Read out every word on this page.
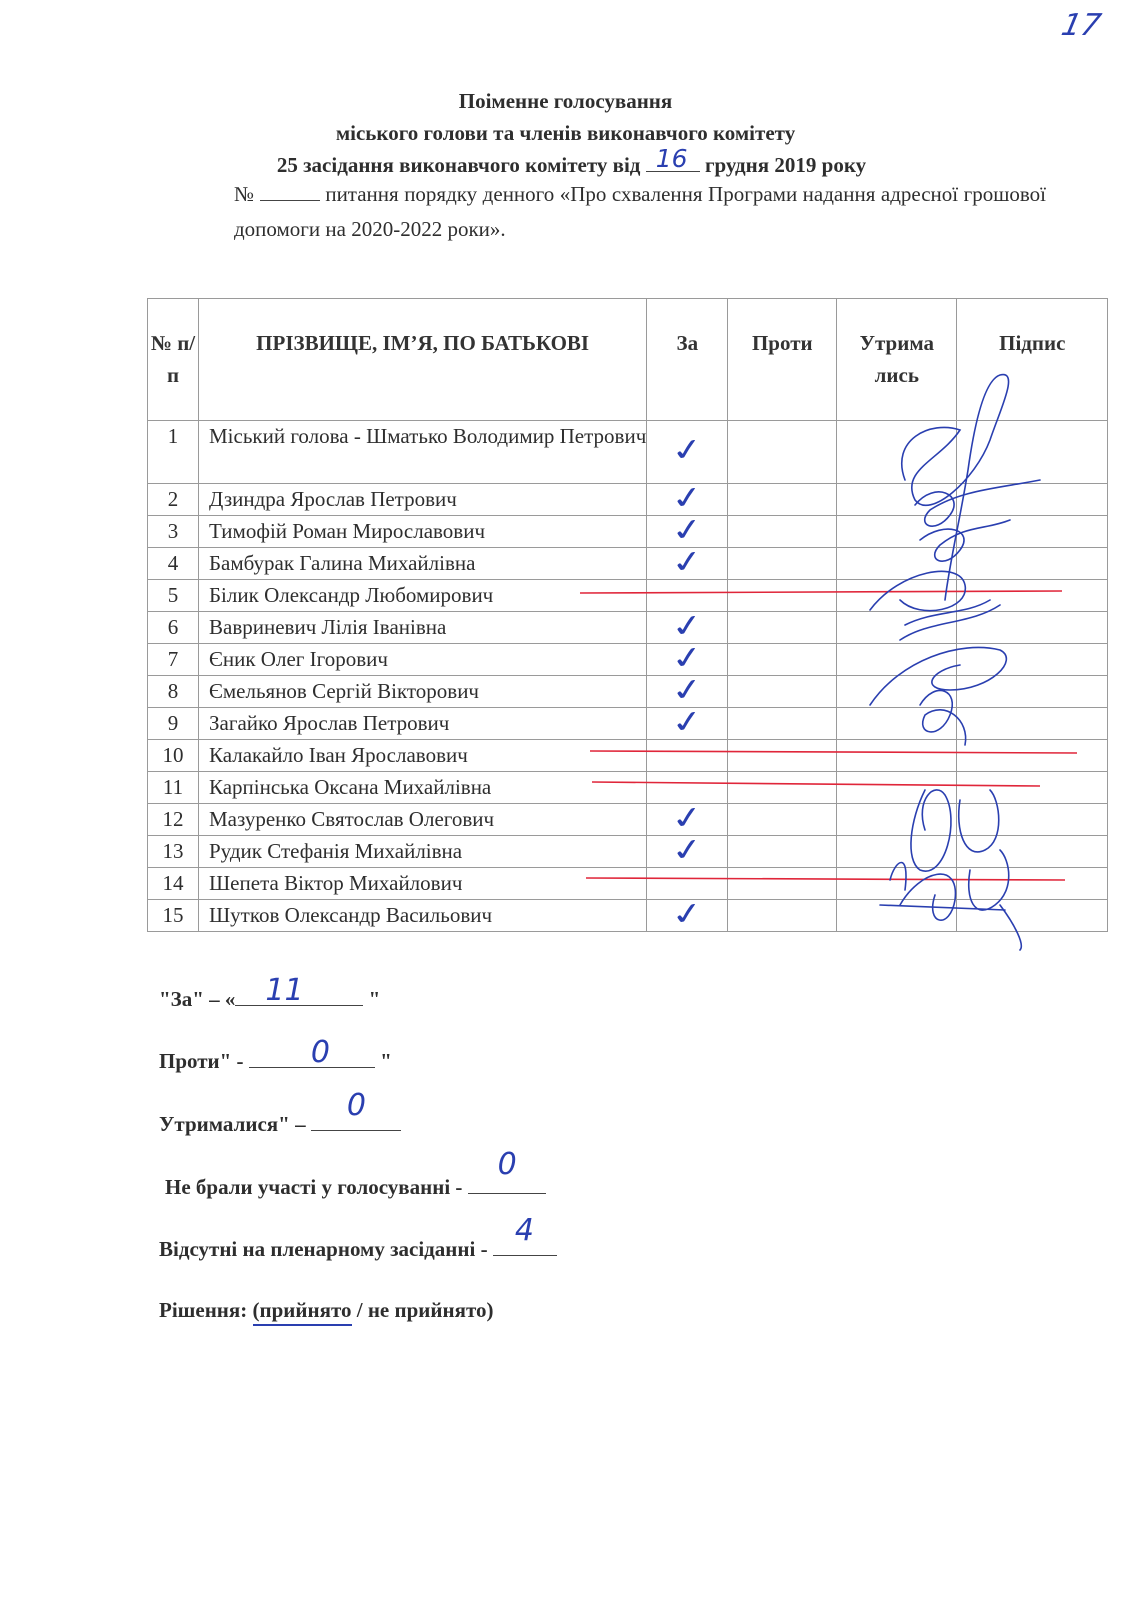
17
Поіменне голосування
міського голови та членів виконавчого комітету
25 засідання виконавчого комітету від 16 грудня 2019 року
№	питання порядку денного «Про схвалення Програми надання адресної грошової допомоги на 2020-2022 роки».
№ п/п	ПРІЗВИЩЕ, ІМ’Я, ПО БАТЬКОВІ	За	Проти	Утрима лись	Підпис
1	Міський голова - Шматько Володимир Петрович	✓			
2	Дзиндра Ярослав Петрович	✓			
3	Тимофій Роман Мирославович	✓			
4	Бамбурак Галина Михайлівна	✓			
5	Білик Олександр Любомирович				
6	Вавриневич Лілія Іванівна	✓			
7	Єник Олег Ігорович	✓			
8	Ємельянов Сергій Вікторович	✓			
9	Загайко Ярослав Петрович	✓			
10	Калакайло Іван Ярославович				
11	Карпінська Оксана Михайлівна				
12	Мазуренко Святослав Олегович	✓			
13	Рудик Стефанія Михайлівна	✓			
14	Шепета Віктор Михайлович				
15	Шутков Олександр Васильович	✓			
"За" – « 11	"
Проти" - 0 "
Утрималися" –
0
Не брали участі у голосуванні -
0
Відсутні на пленарному засіданні -
4
Рішення: (прийнято / не прийнято)
